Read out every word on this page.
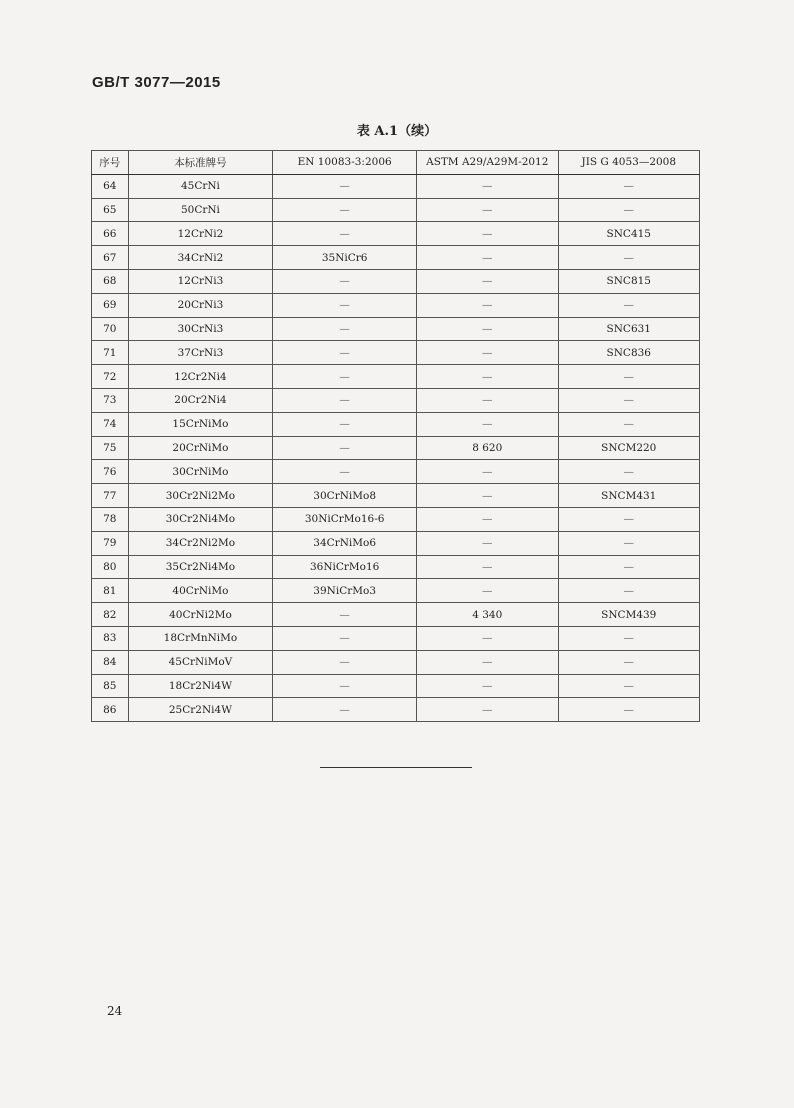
GB/T 3077—2015
表 A.1（续）
序号	本标准牌号	EN 10083-3:2006	ASTM A29/A29M-2012	JIS G 4053—2008
64	45CrNi	—	—	—
65	50CrNi	—	—	—
66	12CrNi2	—	—	SNC415
67	34CrNi2	35NiCr6	—	—
68	12CrNi3	—	—	SNC815
69	20CrNi3	—	—	—
70	30CrNi3	—	—	SNC631
71	37CrNi3	—	—	SNC836
72	12Cr2Ni4	—	—	—
73	20Cr2Ni4	—	—	—
74	15CrNiMo	—	—	—
75	20CrNiMo	—	8 620	SNCM220
76	30CrNiMo	—	—	—
77	30Cr2Ni2Mo	30CrNiMo8	—	SNCM431
78	30Cr2Ni4Mo	30NiCrMo16-6	—	—
79	34Cr2Ni2Mo	34CrNiMo6	—	—
80	35Cr2Ni4Mo	36NiCrMo16	—	—
81	40CrNiMo	39NiCrMo3	—	—
82	40CrNi2Mo	—	4 340	SNCM439
83	18CrMnNiMo	—	—	—
84	45CrNiMoV	—	—	—
85	18Cr2Ni4W	—	—	—
86	25Cr2Ni4W	—	—	—
24
